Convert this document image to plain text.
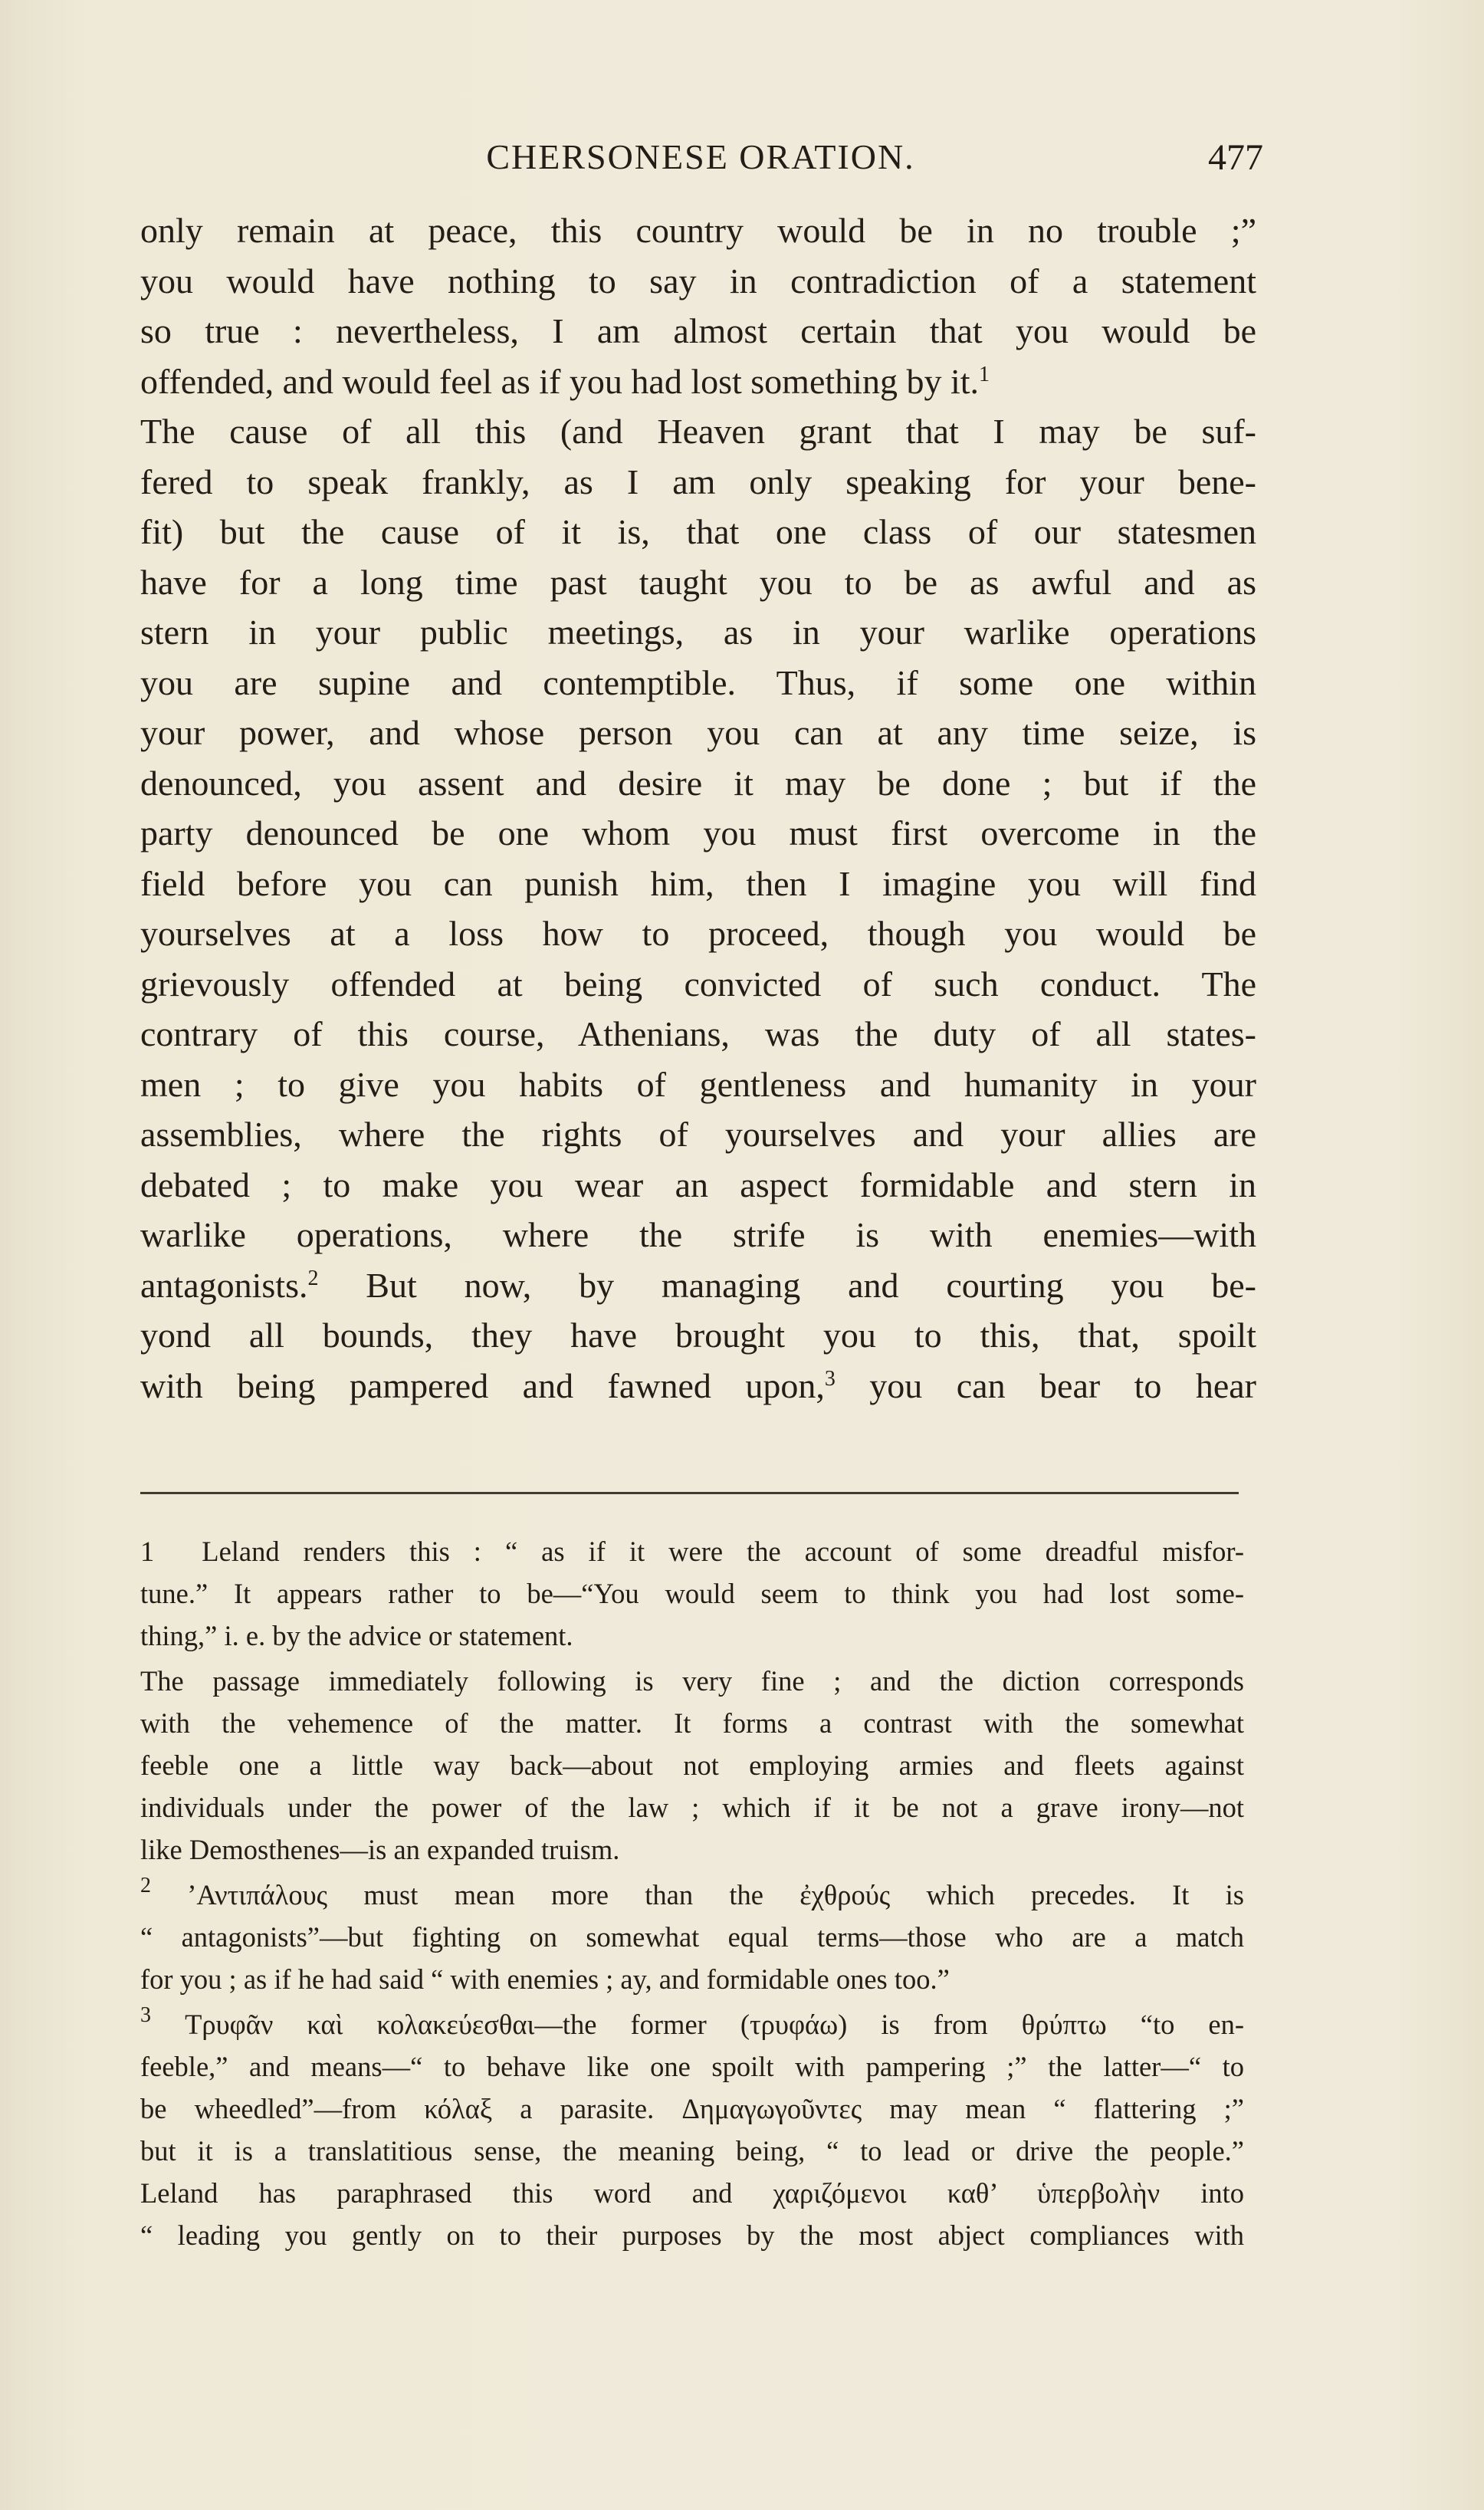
CHERSONESE ORATION.	477
only remain at peace, this country would be in no trouble ;”
you would have nothing to say in contradiction of a statement
so true : nevertheless, I am almost certain that you would be
offended, and would feel as if you had lost something by it.$^1$
The cause of all this (and Heaven grant that I may be suf-
fered to speak frankly, as I am only speaking for your bene-
fit) but the cause of it is, that one class of our statesmen
have for a long time past taught you to be as awful and as
stern in your public meetings, as in your warlike operations
you are supine and contemptible. Thus, if some one within
your power, and whose person you can at any time seize, is
denounced, you assent and desire it may be done ; but if the
party denounced be one whom you must first overcome in the
field before you can punish him, then I imagine you will find
yourselves at a loss how to proceed, though you would be
grievously offended at being convicted of such conduct. The
contrary of this course, Athenians, was the duty of all states-
men ; to give you habits of gentleness and humanity in your
assemblies, where the rights of yourselves and your allies are
debated ; to make you wear an aspect formidable and stern in
warlike operations, where the strife is with enemies—with
antagonists.$^2$ But now, by managing and courting you be-
yond all bounds, they have brought you to this, that, spoilt
with being pampered and fawned upon,$^3$ you can bear to hear
1 Leland renders this : “ as if it were the account of some dreadful misfor-
tune.” It appears rather to be—“You would seem to think you had lost some-
thing,” i. e. by the advice or statement.
The passage immediately following is very fine ; and the diction corresponds
with the vehemence of the matter. It forms a contrast with the somewhat
feeble one a little way back—about not employing armies and fleets against
individuals under the power of the law ; which if it be not a grave irony—not
like Demosthenes—is an expanded truism.
$^2$ ’Αντιπάλους must mean more than the ἐχθρούς which precedes. It is
“ antagonists”—but fighting on somewhat equal terms—those who are a match
for you ; as if he had said “ with enemies ; ay, and formidable ones too.”
$^3$ Τρυφᾶν καὶ κολακεύεσθαι—the former (τρυφάω) is from θρύπτω “to en-
feeble,” and means—“ to behave like one spoilt with pampering ;” the latter—“ to
be wheedled”—from κόλαξ a parasite. Δημαγωγοῦντες may mean “ flattering ;”
but it is a translatitious sense, the meaning being, “ to lead or drive the people.”
Leland has paraphrased this word and χαριζόμενοι καθ’ ὑπερβολὴν into
“ leading you gently on to their purposes by the most abject compliances with
